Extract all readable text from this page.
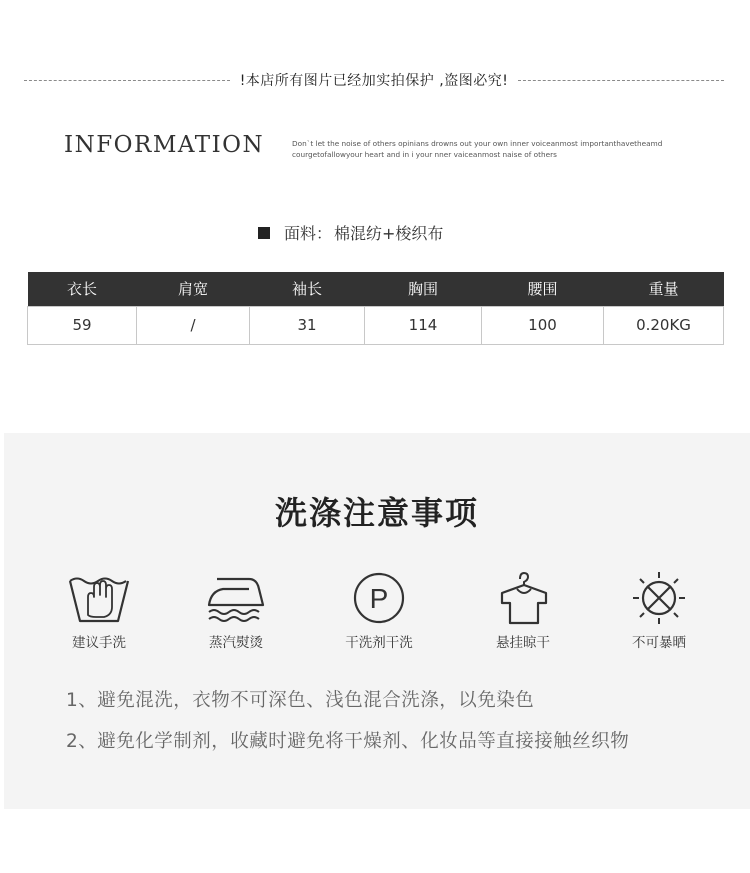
!本店所有图片已经加实拍保护 ,盗图必究!
INFORMATION	Don`t let the noise of others opinians drowns out your own inner voiceanmost importanthavetheamd
courgetofallowyour heart and in i your nner vaiceanmost naise of others
面料： 棉混纺+梭织布
衣长	肩宽	袖长	胸围	腰围	重量
59	/	31	114	100	0.20KG
洗涤注意事项
建议手洗	蒸汽熨烫
P
干洗剂干洗	悬挂晾干	不可暴晒
1、避免混洗，衣物不可深色、浅色混合洗涤，以免染色
2、避免化学制剂，收藏时避免将干燥剂、化妆品等直接接触丝织物
